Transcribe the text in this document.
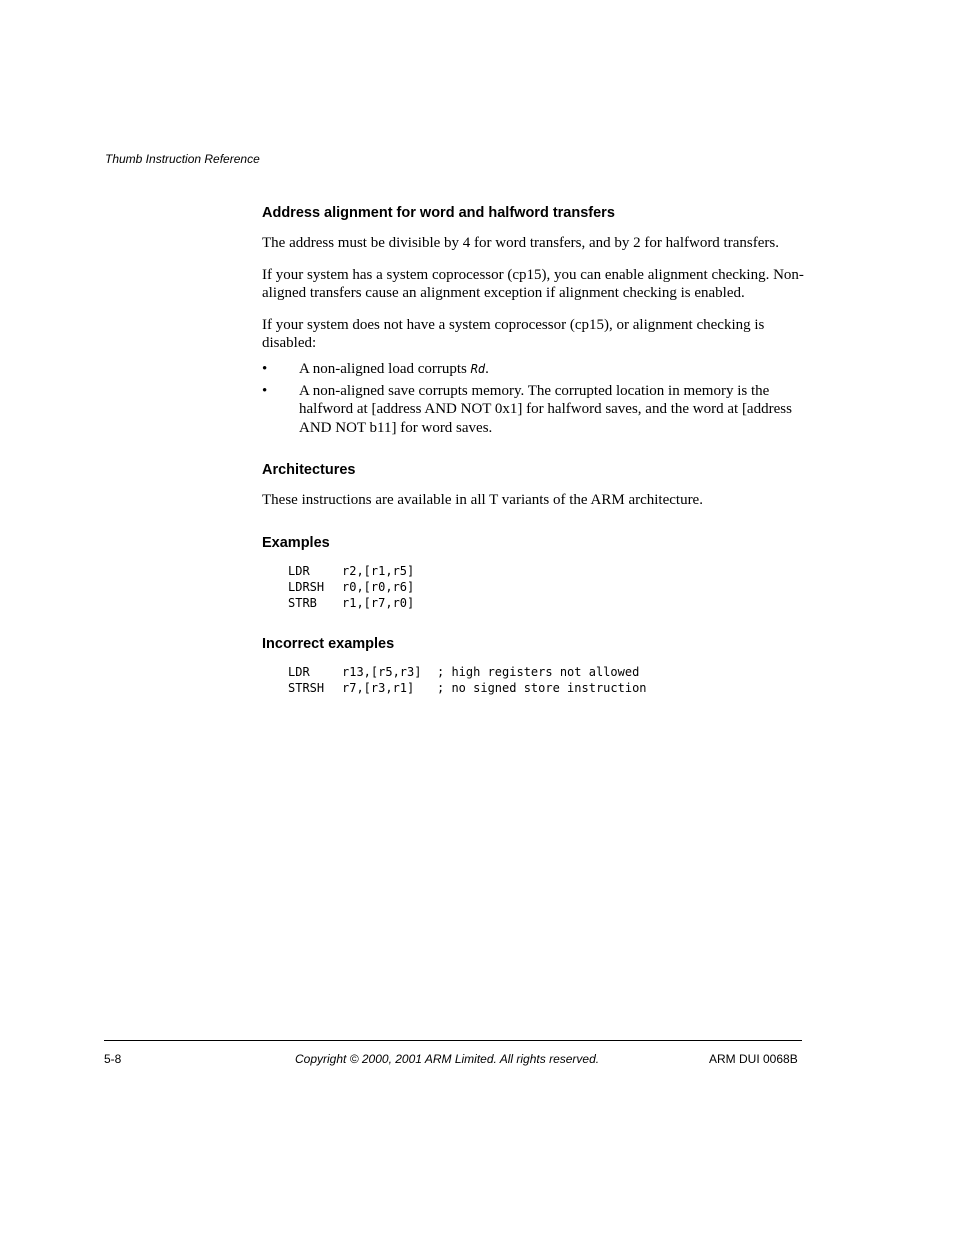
Thumb Instruction Reference
Address alignment for word and halfword transfers

The address must be divisible by 4 for word transfers, and by 2 for halfword transfers.

If your system has a system coprocessor (cp15), you can enable alignment checking. Non-aligned transfers cause an alignment exception if alignment checking is enabled.

If your system does not have a system coprocessor (cp15), or alignment checking is disabled:

• A non-aligned load corrupts Rd.
• A non-aligned save corrupts memory. The corrupted location in memory is the halfword at [address AND NOT 0x1] for halfword saves, and the word at [address AND NOT b11] for word saves.
Architectures

These instructions are available in all T variants of the ARM architecture.

Examples
LDR	r2,[r1,r5]
LDRSH	r0,[r0,r6]
STRB	r1,[r7,r0]
Incorrect examples
LDR	r13,[r5,r3]	; high registers not allowed
STRSH	r7,[r3,r1]	; no signed store instruction
5-8	Copyright © 2000, 2001 ARM Limited. All rights reserved.	ARM DUI 0068B
